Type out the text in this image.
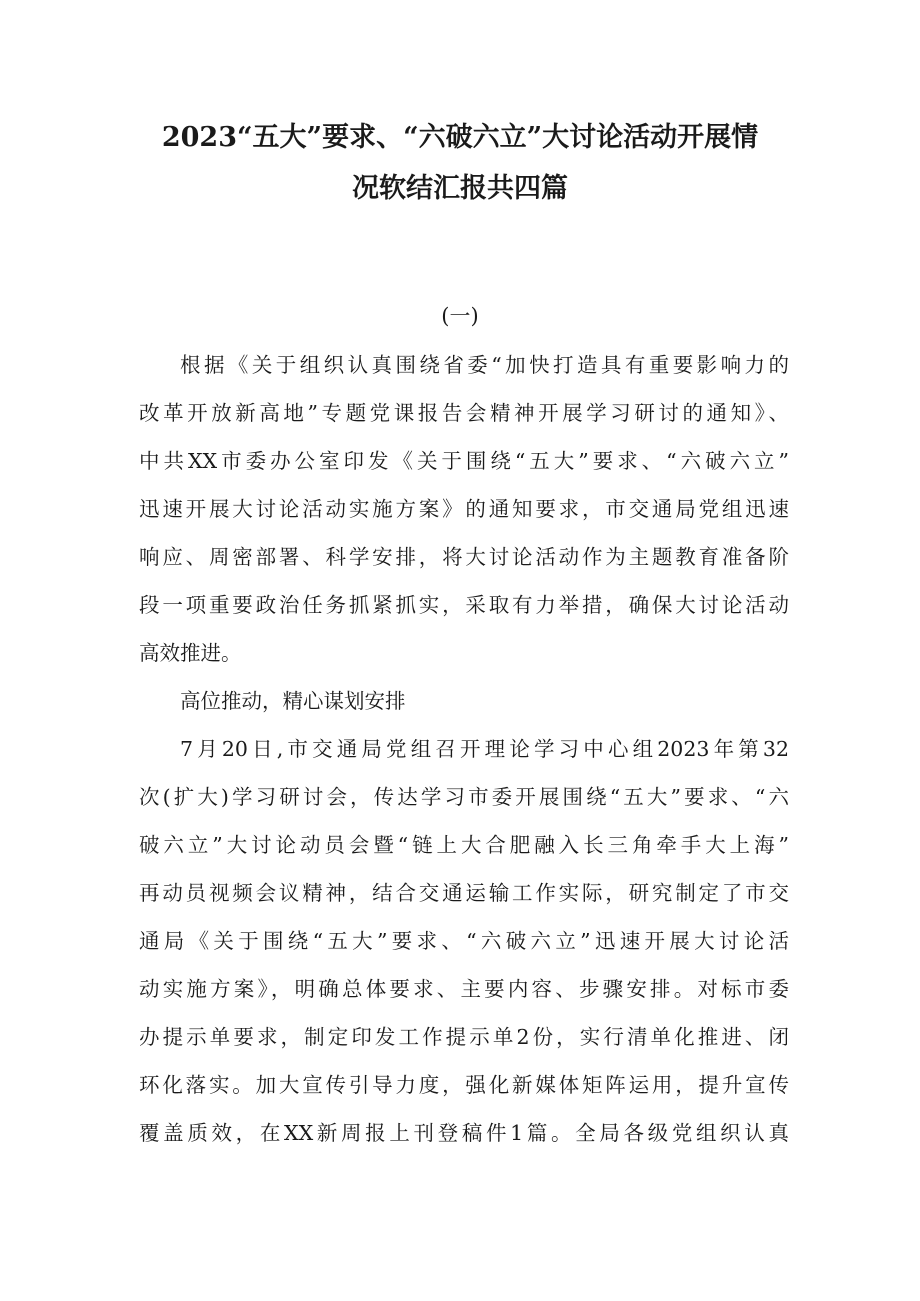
2023“五大”要求、“六破六立”大讨论活动开展情
况软结汇报共四篇

(一)

根据《关于组织认真围绕省委“加快打造具有重要影响力的
改革开放新高地”专题党课报告会精神开展学习研讨的通知》、
中共XX市委办公室印发《关于围绕“五大”要求、“六破六立”
迅速开展大讨论活动实施方案》的通知要求，市交通局党组迅速
响应、周密部署、科学安排，将大讨论活动作为主题教育准备阶
段一项重要政治任务抓紧抓实，采取有力举措，确保大讨论活动
高效推进。
高位推动，精心谋划安排
7月20日,市交通局党组召开理论学习中心组2023年第32
次(扩大)学习研讨会，传达学习市委开展围绕“五大”要求、“六
破六立”大讨论动员会暨“链上大合肥融入长三角牵手大上海”
再动员视频会议精神，结合交通运输工作实际，研究制定了市交
通局《关于围绕“五大”要求、“六破六立”迅速开展大讨论活
动实施方案》，明确总体要求、主要内容、步骤安排。对标市委
办提示单要求，制定印发工作提示单2份，实行清单化推进、闭
环化落实。加大宣传引导力度，强化新媒体矩阵运用，提升宣传
覆盖质效，在XX新周报上刊登稿件1篇。全局各级党组织认真
